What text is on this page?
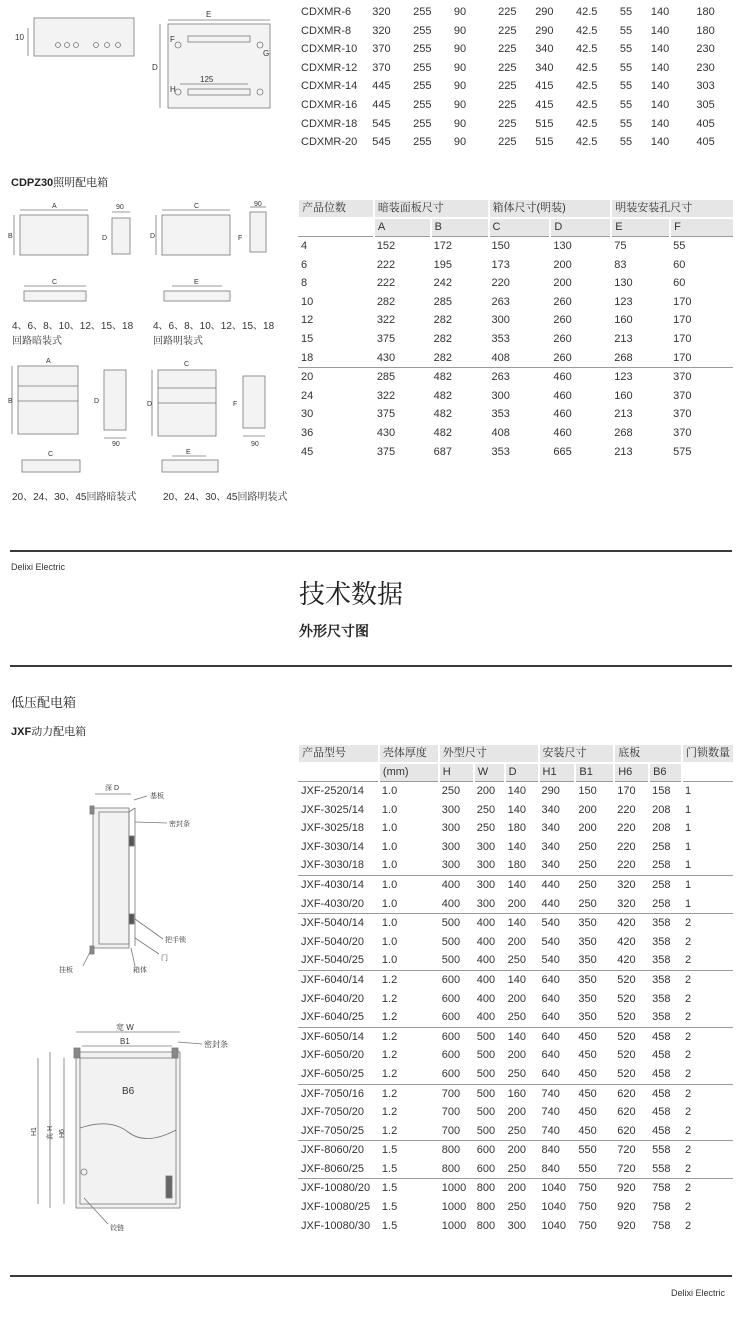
E
D
H
F
G
10
125
CDXMR-6	320	255	90	225	290	42.5	55	140	180
CDXMR-8	320	255	90	225	290	42.5	55	140	180
CDXMR-10	370	255	90	225	340	42.5	55	140	230
CDXMR-12	370	255	90	225	340	42.5	55	140	230
CDXMR-14	445	255	90	225	415	42.5	55	140	303
CDXMR-16	445	255	90	225	415	42.5	55	140	305
CDXMR-18	545	255	90	225	515	42.5	55	140	405
CDXMR-20	545	255	90	225	515	42.5	55	140	405
CDPZ30照明配电箱
A
B
90
D
C
C
D
90
F
E
A
B	D
90
C
C
D	F
90
E
4、6、8、10、12、15、18
回路暗装式
4、6、8、10、12、15、18
回路明装式
20、24、30、45回路暗装式	20、24、30、45回路明装式
产品位数	暗装面板尺寸		箱体尺寸(明装)		明装安装孔尺寸	
	A	B	C	D	E	F
4	152	172	150	130	75	55
6	222	195	173	200	83	60
8	222	242	220	200	130	60
10	282	285	263	260	123	170
12	322	282	300	260	160	170
15	375	282	353	260	213	170
18	430	282	408	260	268	170
20	285	482	263	460	123	370
24	322	482	300	460	160	370
30	375	482	353	460	213	370
36	430	482	408	460	268	370
45	375	687	353	665	213	575
Delixi Electric
技术数据
外形尺寸图
低压配电箱
JXF动力配电箱
深 D
基板
密封条
把手锁
门
箱体
挂板
宽 W
B1	密封条
B6
H1 高 H H6
铰链
产品型号	壳体厚度	外型尺寸			安装尺寸		底板		门锁数量
	(mm)	H	W	D	H1	B1	H6	B6	
JXF-2520/14	1.0	250	200	140	290	150	170	158	1
JXF-3025/14	1.0	300	250	140	340	200	220	208	1
JXF-3025/18	1.0	300	250	180	340	200	220	208	1
JXF-3030/14	1.0	300	300	140	340	250	220	258	1
JXF-3030/18	1.0	300	300	180	340	250	220	258	1
JXF-4030/14	1.0	400	300	140	440	250	320	258	1
JXF-4030/20	1.0	400	300	200	440	250	320	258	1
JXF-5040/14	1.0	500	400	140	540	350	420	358	2
JXF-5040/20	1.0	500	400	200	540	350	420	358	2
JXF-5040/25	1.0	500	400	250	540	350	420	358	2
JXF-6040/14	1.2	600	400	140	640	350	520	358	2
JXF-6040/20	1.2	600	400	200	640	350	520	358	2
JXF-6040/25	1.2	600	400	250	640	350	520	358	2
JXF-6050/14	1.2	600	500	140	640	450	520	458	2
JXF-6050/20	1.2	600	500	200	640	450	520	458	2
JXF-6050/25	1.2	600	500	250	640	450	520	458	2
JXF-7050/16	1.2	700	500	160	740	450	620	458	2
JXF-7050/20	1.2	700	500	200	740	450	620	458	2
JXF-7050/25	1.2	700	500	250	740	450	620	458	2
JXF-8060/20	1.5	800	600	200	840	550	720	558	2
JXF-8060/25	1.5	800	600	250	840	550	720	558	2
JXF-10080/20	1.5	1000	800	200	1040	750	920	758	2
JXF-10080/25	1.5	1000	800	250	1040	750	920	758	2
JXF-10080/30	1.5	1000	800	300	1040	750	920	758	2
Delixi Electric
